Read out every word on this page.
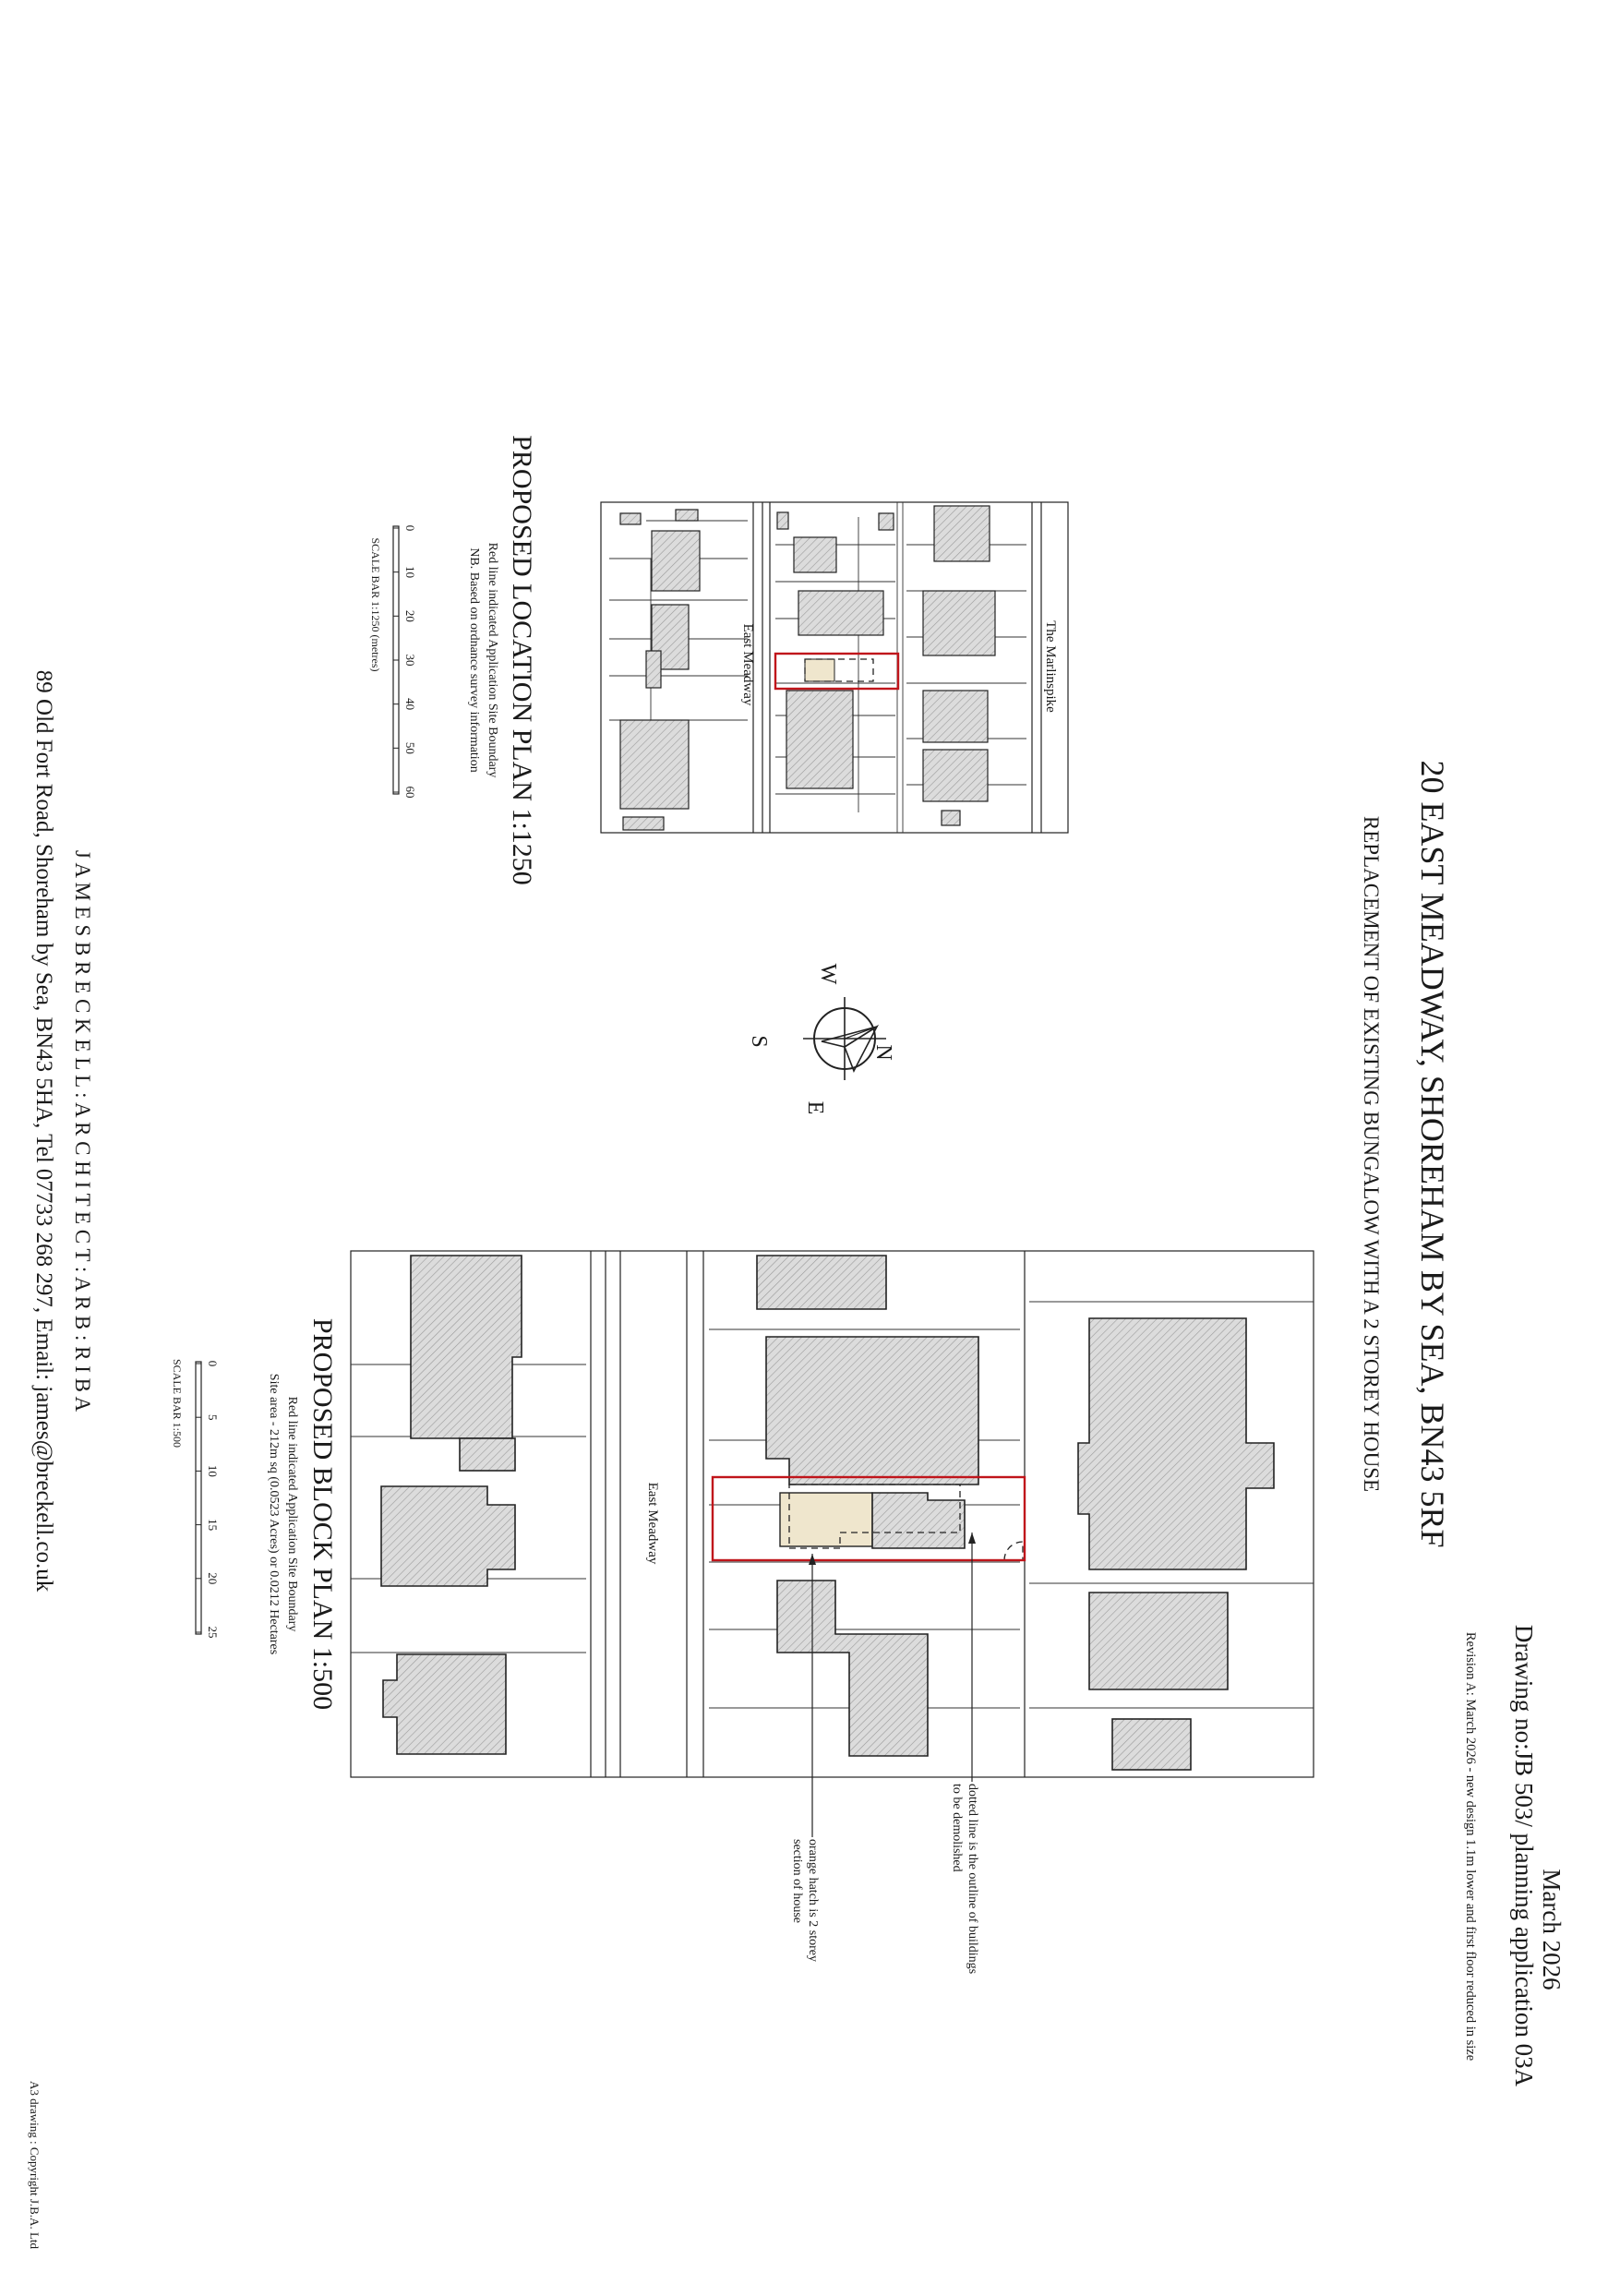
March 2026
Drawing no:JB 503/ planning application 03A
Revision A: March 2026 - new design 1.1m lower and first floor reduced in size
20 EAST MEADWAY, SHOREHAM BY SEA, BN43 5RF
REPLACEMENT OF EXISTING BUNGALOW WITH A 2 STOREY HOUSE
A3 drawing : Copyright J.B.A. Ltd
J A M E S B R E C K E L L : A R C H I T E C T : A R B : R I B A
89 Old Fort Road, Shoreham by Sea, BN43 5HA, Tel 07733 268 297, Email: james@breckell.co.uk
The Marlinspike
East Meadway
PROPOSED LOCATION PLAN 1:1250
Red line indicated Application Site Boundary
NB. Based on ordnance survey information
0
10
20
30
40
50
60
SCALE BAR 1:1250 (metres)
N
E
S
W
East Meadway
dotted line is the outline of buildings
to be demolished
orange hatch is 2 storey
section of house
PROPOSED BLOCK PLAN 1:500
Red line indicated Application Site Boundary
Site area - 212m sq (0.0523 Acres) or 0.0212 Hectares
0
5
10
15
20
25
SCALE BAR 1:500
